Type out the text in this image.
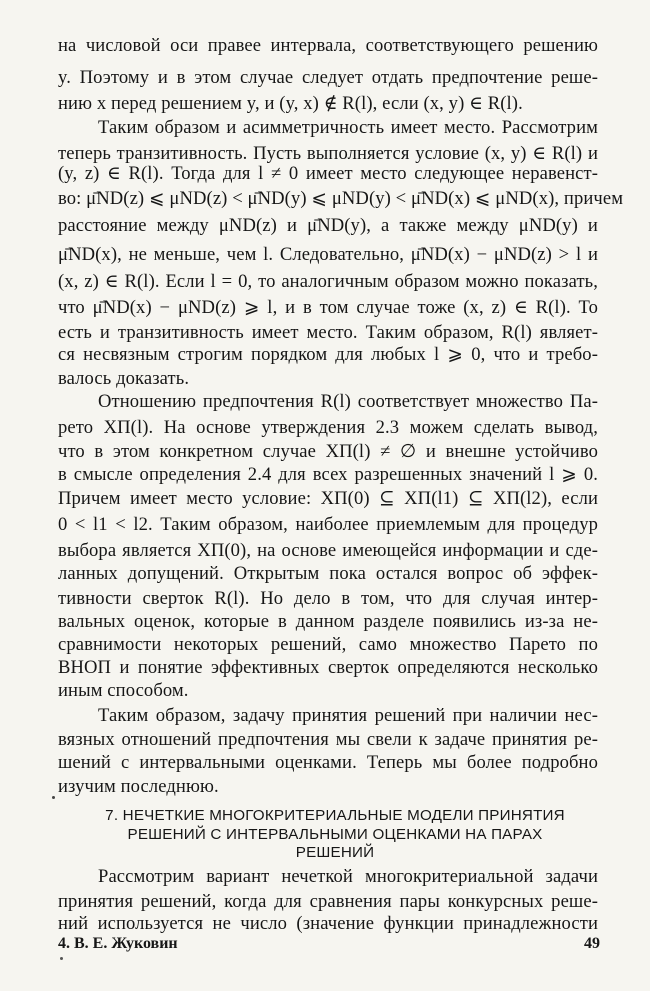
на числовой оси правее интервала, соответствующего решению
y. Поэтому и в этом случае следует отдать предпочтение реше-
нию x перед решением y, и (y, x) ∉ R(l), если (x, y) ∈ R(l).
Таким образом и асимметричность имеет место. Рассмотрим
теперь транзитивность. Пусть выполняется условие (x, y) ∈ R(l) и
(y, z) ∈ R(l). Тогда для l ≠ 0 имеет место следующее неравенст-
во: μ̄ND(z) ⩽ μND(z) < μ̄ND(y) ⩽ μND(y) < μ̄ND(x) ⩽ μND(x), причем
расстояние между μND(z) и μ̄ND(y), а также между μND(y) и
μ̄ND(x), не меньше, чем l. Следовательно, μ̄ND(x) − μND(z) > l и
(x, z) ∈ R(l). Если l = 0, то аналогичным образом можно показать,
что μ̄ND(x) − μND(z) ⩾ l, и в том случае тоже (x, z) ∈ R(l). То
есть и транзитивность имеет место. Таким образом, R(l) являет-
ся несвязным строгим порядком для любых l ⩾ 0, что и требо-
валось доказать.
Отношению предпочтения R(l) соответствует множество Па-
рето XП(l). На основе утверждения 2.3 можем сделать вывод,
что в этом конкретном случае XП(l) ≠ ∅ и внешне устойчиво
в смысле определения 2.4 для всех разрешенных значений l ⩾ 0.
Причем имеет место условие: XП(0) ⊆ XП(l1) ⊆ XП(l2), если
0 < l1 < l2. Таким образом, наиболее приемлемым для процедур
выбора является XП(0), на основе имеющейся информации и сде-
ланных допущений. Открытым пока остался вопрос об эффек-
тивности сверток R(l). Но дело в том, что для случая интер-
вальных оценок, которые в данном разделе появились из-за не-
сравнимости некоторых решений, само множество Парето по
ВНОП и понятие эффективных сверток определяются несколько
иным способом.
Таким образом, задачу принятия решений при наличии нес-
вязных отношений предпочтения мы свели к задаче принятия ре-
шений с интервальными оценками. Теперь мы более подробно
изучим последнюю.
7. НЕЧЕТКИЕ МНОГОКРИТЕРИАЛЬНЫЕ МОДЕЛИ ПРИНЯТИЯ
РЕШЕНИЙ С ИНТЕРВАЛЬНЫМИ ОЦЕНКАМИ НА ПАРАХ
РЕШЕНИЙ
Рассмотрим вариант нечеткой многокритериальной задачи
принятия решений, когда для сравнения пары конкурсных реше-
ний используется не число (значение функции принадлежности
4. В. Е. Жуковин	49
